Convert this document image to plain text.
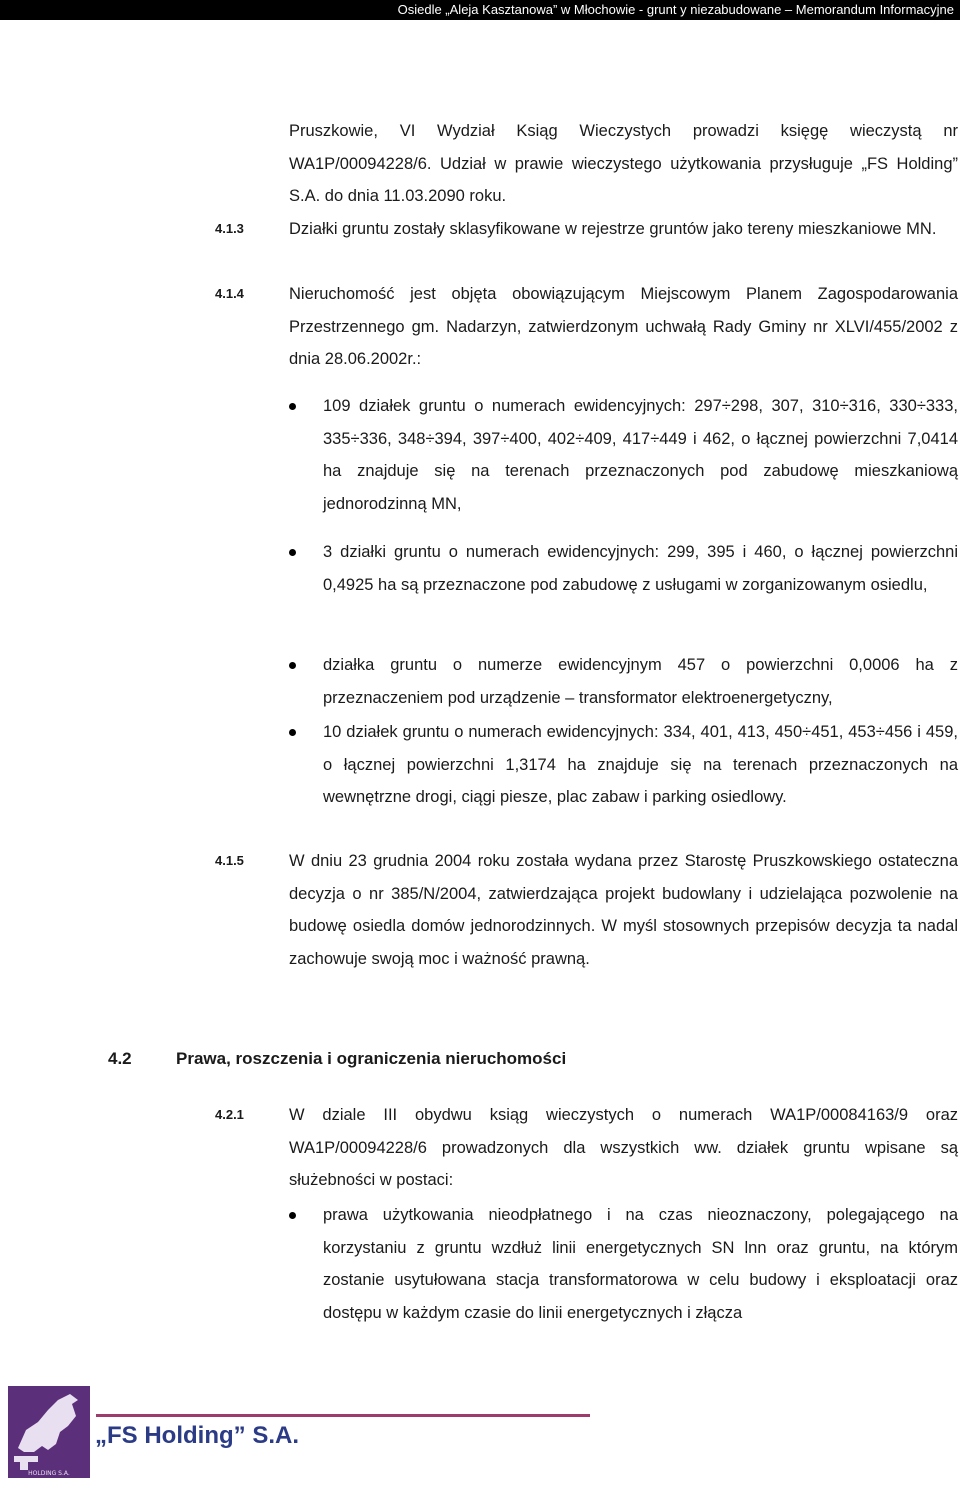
Osiedle „Aleja Kasztanowa” w Młochowie - grunt y niezabudowane – Memorandum Informacyjne

Pruszkowie, VI Wydział Ksiąg Wieczystych prowadzi księgę wieczystą nr WA1P/00094228/6. Udział w prawie wieczystego użytkowania przysługuje „FS Holding” S.A. do dnia 11.03.2090 roku.

4.1.3	Działki gruntu zostały sklasyfikowane w rejestrze gruntów jako tereny mieszkaniowe MN.

4.1.4	Nieruchomość jest objęta obowiązującym Miejscowym Planem Zagospodarowania Przestrzennego gm. Nadarzyn, zatwierdzonym uchwałą Rady Gminy nr XLVI/455/2002 z dnia 28.06.2002r.:

109 działek gruntu o numerach ewidencyjnych: 297÷298, 307, 310÷316, 330÷333, 335÷336, 348÷394, 397÷400, 402÷409, 417÷449 i 462, o łącznej powierzchni 7,0414 ha znajduje się na terenach przeznaczonych pod zabudowę mieszkaniową jednorodzinną MN,

3 działki gruntu o numerach ewidencyjnych: 299, 395 i 460, o łącznej powierzchni 0,4925 ha są przeznaczone pod zabudowę z usługami w zorganizowanym osiedlu,

działka gruntu o numerze ewidencyjnym 457 o powierzchni 0,0006 ha z przeznaczeniem pod urządzenie – transformator elektroenergetyczny,

10 działek gruntu o numerach ewidencyjnych: 334, 401, 413, 450÷451, 453÷456 i 459, o łącznej powierzchni 1,3174 ha znajduje się na terenach przeznaczonych na wewnętrzne drogi, ciągi piesze, plac zabaw i parking osiedlowy.

4.1.5	W dniu 23 grudnia 2004 roku została wydana przez Starostę Pruszkowskiego ostateczna decyzja o nr 385/N/2004, zatwierdzająca projekt budowlany i udzielająca pozwolenie na budowę osiedla domów jednorodzinnych. W myśl stosownych przepisów decyzja ta nadal zachowuje swoją moc i ważność prawną.

4.2	Prawa, roszczenia i ograniczenia nieruchomości
4.2.1	W dziale III obydwu ksiąg wieczystych o numerach WA1P/00084163/9 oraz WA1P/00094228/6 prowadzonych dla wszystkich ww. działek gruntu wpisane są służebności w postaci:

prawa użytkowania nieodpłatnego i na czas nieoznaczony, polegającego na korzystaniu z gruntu wzdłuż linii energetycznych SN lnn oraz gruntu, na którym zostanie usytułowana stacja transformatorowa w celu budowy i eksploatacji oraz dostępu w każdym czasie do linii energetycznych i złącza

HOLDING S.A.
„FS Holding” S.A.
